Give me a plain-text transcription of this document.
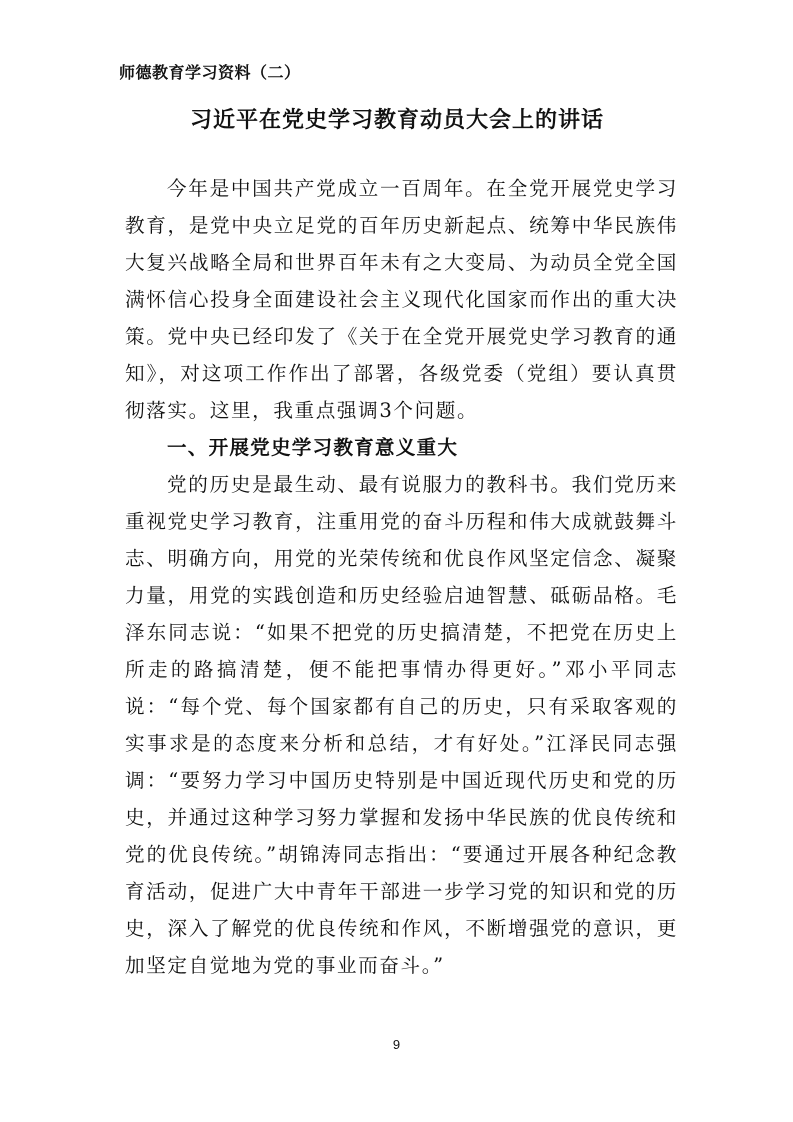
师德教育学习资料（二）
习近平在党史学习教育动员大会上的讲话

今年是中国共产党成立一百周年。在全党开展党史学习教育，是党中央立足党的百年历史新起点、统筹中华民族伟大复兴战略全局和世界百年未有之大变局、为动员全党全国满怀信心投身全面建设社会主义现代化国家而作出的重大决策。党中央已经印发了《关于在全党开展党史学习教育的通知》，对这项工作作出了部署，各级党委（党组）要认真贯彻落实。这里，我重点强调3个问题。

一、开展党史学习教育意义重大

党的历史是最生动、最有说服力的教科书。我们党历来重视党史学习教育，注重用党的奋斗历程和伟大成就鼓舞斗志、明确方向，用党的光荣传统和优良作风坚定信念、凝聚力量，用党的实践创造和历史经验启迪智慧、砥砺品格。毛泽东同志说：“如果不把党的历史搞清楚，不把党在历史上所走的路搞清楚，便不能把事情办得更好。”邓小平同志说：“每个党、每个国家都有自己的历史，只有采取客观的实事求是的态度来分析和总结，才有好处。”江泽民同志强调：“要努力学习中国历史特别是中国近现代历史和党的历史，并通过这种学习努力掌握和发扬中华民族的优良传统和党的优良传统。”胡锦涛同志指出：“要通过开展各种纪念教育活动，促进广大中青年干部进一步学习党的知识和党的历史，深入了解党的优良传统和作风，不断增强党的意识，更加坚定自觉地为党的事业而奋斗。”

9
